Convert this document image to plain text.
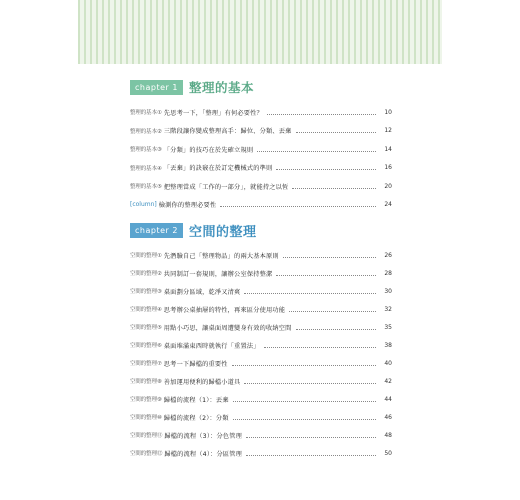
chapter 1 整理的基本
整理的基本① 先思考一下，「整理」有何必要性？	10
整理的基本② 三階段讓你變成整理高手：歸位、分類、丟棄	12
整理的基本③ 「分類」的技巧在於先確立規則	14
整理的基本④ 「丟棄」的訣竅在於訂定機械式的準則	16
整理的基本⑤ 把整理當成「工作的一部分」，就能持之以恆	20
[column] 檢測你的整理必要性	24
chapter 2 空間的整理
空間的整理① 先潛驗自己「整理物品」的兩大基本原則	26
空間的整理② 共同制訂一套規則，讓辦公室保持整潔	28
空間的整理③ 桌面劃分區域，乾淨又清爽	30
空間的整理④ 思考辦公桌抽屜的特性，再來區分使用功能	32
空間的整理⑤ 用點小巧思，讓桌面周遭變身有效的收納空間	35
空間的整理⑥ 桌面堆滿東西時就執行「重置法」	38
空間的整理⑦ 思考一下歸檔的重要性	40
空間的整理⑧ 善加運用便利的歸檔小道具	42
空間的整理⑨ 歸檔的流程（1）：丟棄	44
空間的整理⑩ 歸檔的流程（2）：分類	46
空間的整理⑪ 歸檔的流程（3）：分色管理	48
空間的整理⑫ 歸檔的流程（4）：分區管理	50
